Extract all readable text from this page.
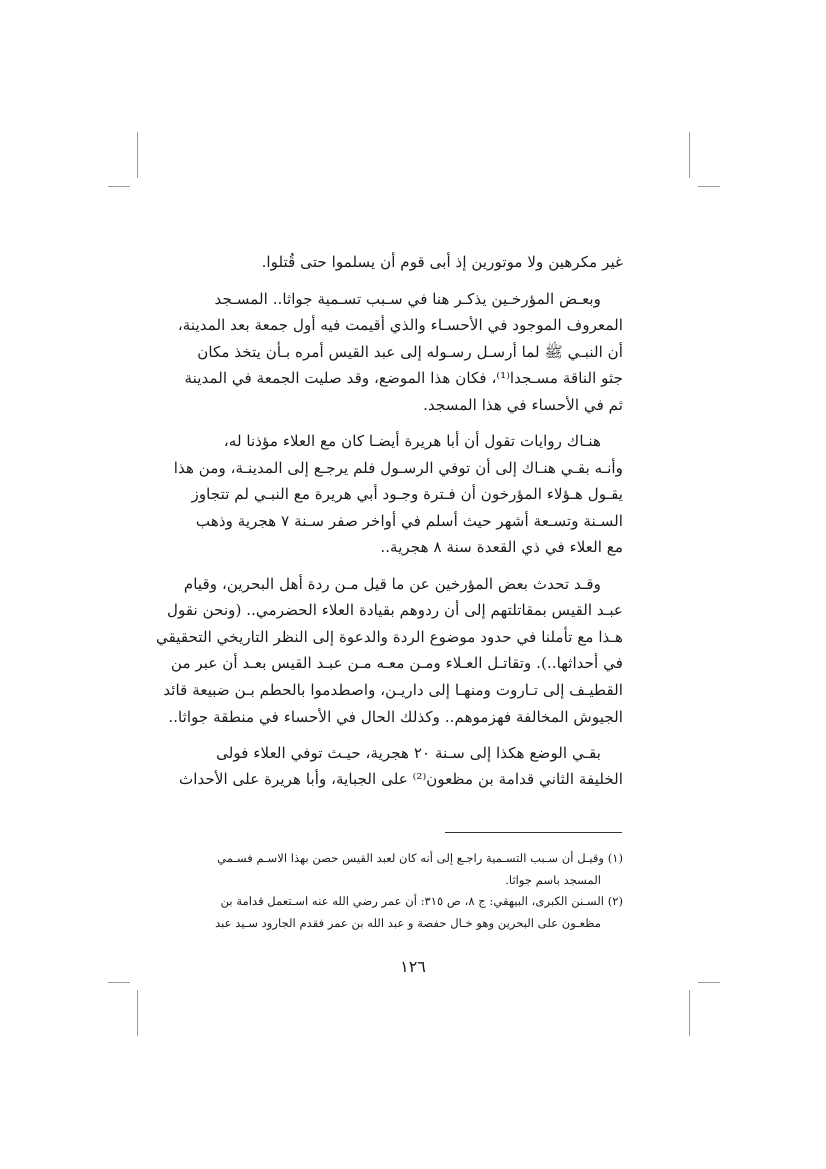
غير مكرهين ولا موتورين إذ أبى قوم أن يسلموا حتى قُتلوا.
وبعـض المؤرخـين يذكـر هنا في سـبب تسـمية جواثا.. المسـجد
المعروف الموجود في الأحسـاء والذي أقيمت فيه أول جمعة بعد المدينة،
أن النبـي ﷺ لما أرسـل رسـوله إلى عبد القيس أمره بـأن يتخذ مكان
جثو الناقة مسـجدا⁽¹⁾، فكان هذا الموضع، وقد صليت الجمعة في المدينة
ثم في الأحساء في هذا المسجد.
هنـاك روايات تقول أن أبا هريرة أيضـا كان مع العلاء مؤذنا له،
وأنـه بقـي هنـاك إلى أن توفي الرسـول فلم يرجـع إلى المدينـة، ومن هذا
يقـول هـؤلاء المؤرخون أن فـترة وجـود أبي هريرة مع النبـي لم تتجاوز
السـنة وتسـعة أشهر حيث أسلم في أواخر صفر سـنة ٧ هجرية وذهب
مع العلاء في ذي القعدة سنة ٨ هجرية..
وقـد تحدث بعض المؤرخين عن ما قيل مـن ردة أهل البحرين، وقيام
عبـد القيس بمقاتلتهم إلى أن ردوهم بقيادة العلاء الحضرمي.. (ونحن نقول
هـذا مع تأملنا في حدود موضوع الردة والدعوة إلى النظر التاريخي التحقيقي
في أحداثها..). وتقاتـل العـلاء ومـن معـه مـن عبـد القيس بعـد أن عبر من
القطيـف إلى تـاروت ومنهـا إلى داريـن، واصطدموا بالحطم بـن ضبيعة قائد
الجيوش المخالفة فهزموهم.. وكذلك الحال في الأحساء في منطقة جواثا..
بقـي الوضع هكذا إلى سـنة ٢٠ هجرية، حيـث توفي العلاء فولى
الخليفة الثاني قدامة بن مظعون⁽²⁾ على الجباية، وأبا هريرة على الأحداث
(١) وقيـل أن سـبب التسـمية راجـع إلى أنه كان لعبد القيس حصن بهذا الاسـم فسـمي
المسجد باسم جواثا.
(٢) السـنن الكبرى، البيهقي: ج ٨، ص ٣١٥: أن عمر رضي الله عنه اسـتعمل قدامة بن
مظعـون على البحرين وهو خـال حفصة و عبد الله بن عمر فقدم الجارود سـيد عبد
١٢٦
